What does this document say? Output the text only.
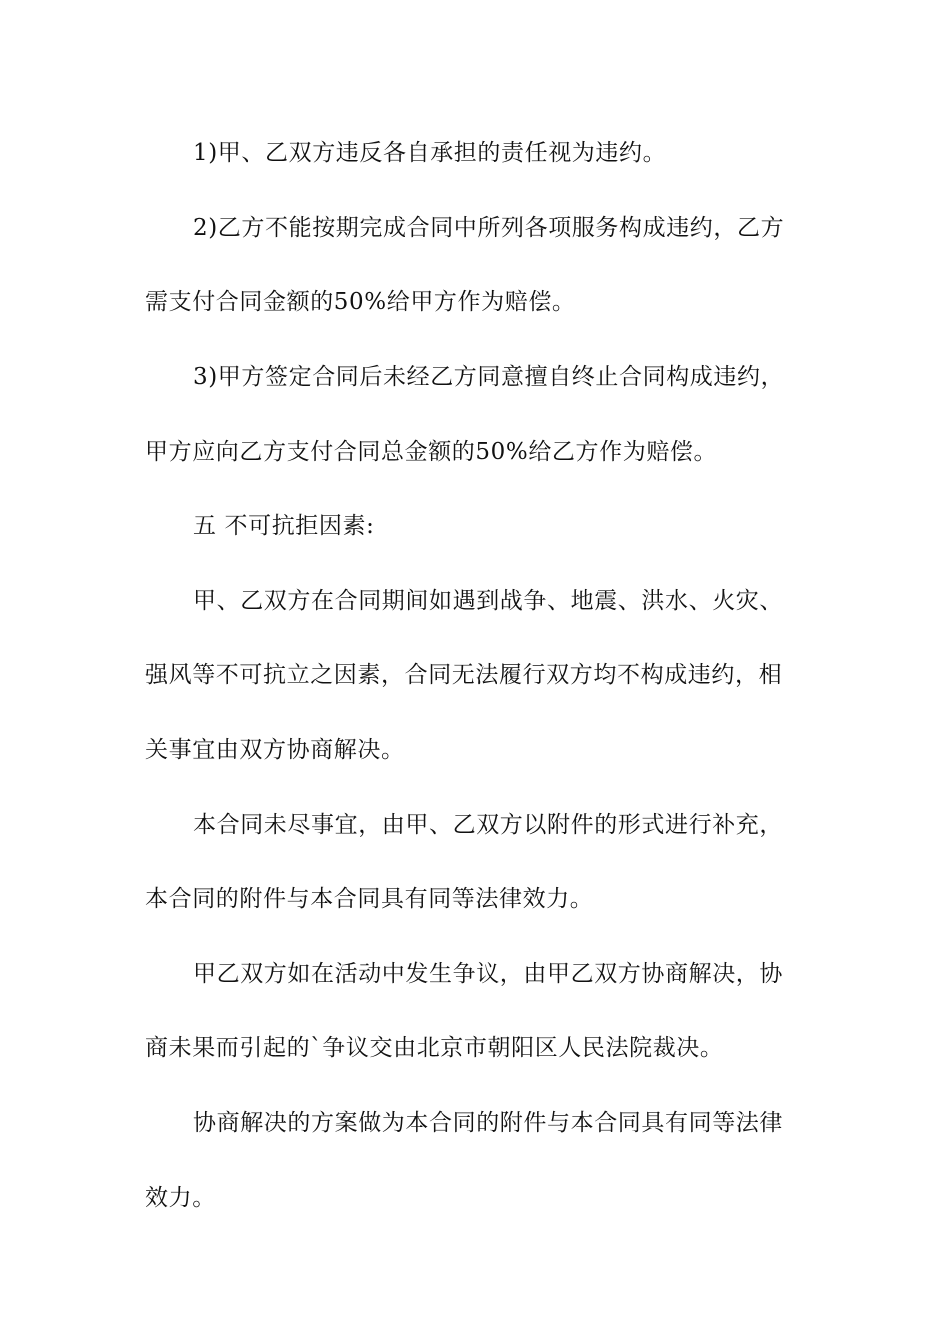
1)甲、乙双方违反各自承担的责任视为违约。
2)乙方不能按期完成合同中所列各项服务构成违约，乙方
需支付合同金额的50%给甲方作为赔偿。
3)甲方签定合同后未经乙方同意擅自终止合同构成违约，
甲方应向乙方支付合同总金额的50%给乙方作为赔偿。
五 不可抗拒因素:
甲、乙双方在合同期间如遇到战争、地震、洪水、火灾、
强风等不可抗立之因素，合同无法履行双方均不构成违约，相
关事宜由双方协商解决。
本合同未尽事宜，由甲、乙双方以附件的形式进行补充，
本合同的附件与本合同具有同等法律效力。
甲乙双方如在活动中发生争议，由甲乙双方协商解决，协
商未果而引起的`争议交由北京市朝阳区人民法院裁决。
协商解决的方案做为本合同的附件与本合同具有同等法律
效力。
